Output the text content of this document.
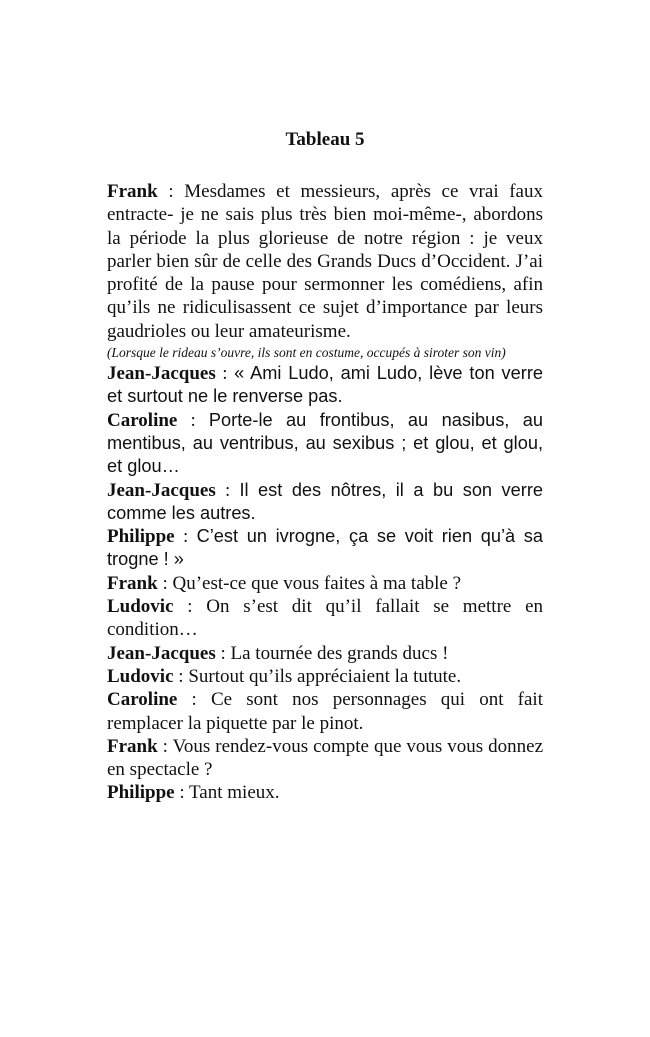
Tableau 5

Frank : Mesdames et messieurs, après ce vrai faux entracte- je ne sais plus très bien moi-même-, abordons la période la plus glorieuse de notre région : je veux parler bien sûr de celle des Grands Ducs d’Occident. J’ai profité de la pause pour sermonner les comédiens, afin qu’ils ne ridiculisassent ce sujet d’importance par leurs gaudrioles ou leur amateurisme.

(Lorsque le rideau s’ouvre, ils sont en costume, occupés à siroter son vin)

Jean-Jacques : « Ami Ludo, ami Ludo, lève ton verre et surtout ne le renverse pas.

Caroline : Porte-le au frontibus, au nasibus, au mentibus, au ventribus, au sexibus ; et glou, et glou, et glou…

Jean-Jacques : Il est des nôtres, il a bu son verre comme les autres.

Philippe : C’est un ivrogne, ça se voit rien qu’à sa trogne ! »

Frank : Qu’est-ce que vous faites à ma table ?

Ludovic : On s’est dit qu’il fallait se mettre en condition…

Jean-Jacques : La tournée des grands ducs !

Ludovic : Surtout qu’ils appréciaient la tutute.

Caroline : Ce sont nos personnages qui ont fait remplacer la piquette par le pinot.

Frank : Vous rendez-vous compte que vous vous donnez en spectacle ?

Philippe : Tant mieux.
